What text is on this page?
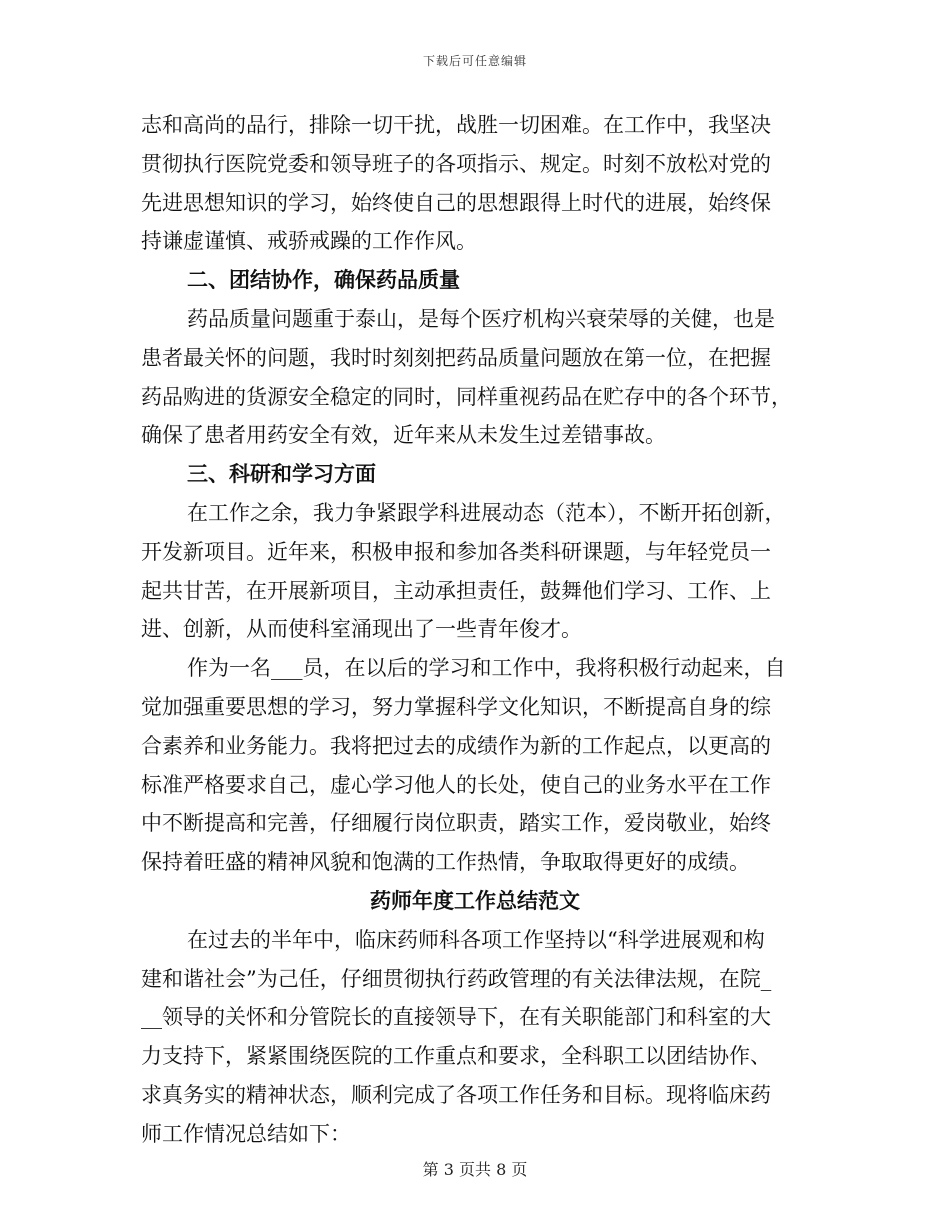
下载后可任意编辑
志和高尚的品行，排除一切干扰，战胜一切困难。在工作中，我坚决
贯彻执行医院党委和领导班子的各项指示、规定。时刻不放松对党的
先进思想知识的学习，始终使自己的思想跟得上时代的进展，始终保
持谦虚谨慎、戒骄戒躁的工作作风。
二、团结协作，确保药品质量
药品质量问题重于泰山，是每个医疗机构兴衰荣辱的关健，也是
患者最关怀的问题，我时时刻刻把药品质量问题放在第一位，在把握
药品购进的货源安全稳定的同时，同样重视药品在贮存中的各个环节，
确保了患者用药安全有效，近年来从未发生过差错事故。
三、科研和学习方面
在工作之余，我力争紧跟学科进展动态（范本），不断开拓创新，
开发新项目。近年来，积极申报和参加各类科研课题，与年轻党员一
起共甘苦，在开展新项目，主动承担责任，鼓舞他们学习、工作、上
进、创新，从而使科室涌现出了一些青年俊才。
作为一名___员，在以后的学习和工作中，我将积极行动起来，自
觉加强重要思想的学习，努力掌握科学文化知识，不断提高自身的综
合素养和业务能力。我将把过去的成绩作为新的工作起点，以更高的
标准严格要求自己，虚心学习他人的长处，使自己的业务水平在工作
中不断提高和完善，仔细履行岗位职责，踏实工作，爱岗敬业，始终
保持着旺盛的精神风貌和饱满的工作热情，争取取得更好的成绩。
药师年度工作总结范文
在过去的半年中，临床药师科各项工作坚持以“科学进展观和构
建和谐社会”为己任，仔细贯彻执行药政管理的有关法律法规，在院_
__领导的关怀和分管院长的直接领导下，在有关职能部门和科室的大
力支持下，紧紧围绕医院的工作重点和要求，全科职工以团结协作、
求真务实的精神状态，顺利完成了各项工作任务和目标。现将临床药
师工作情况总结如下：
第 3 页共 8 页
